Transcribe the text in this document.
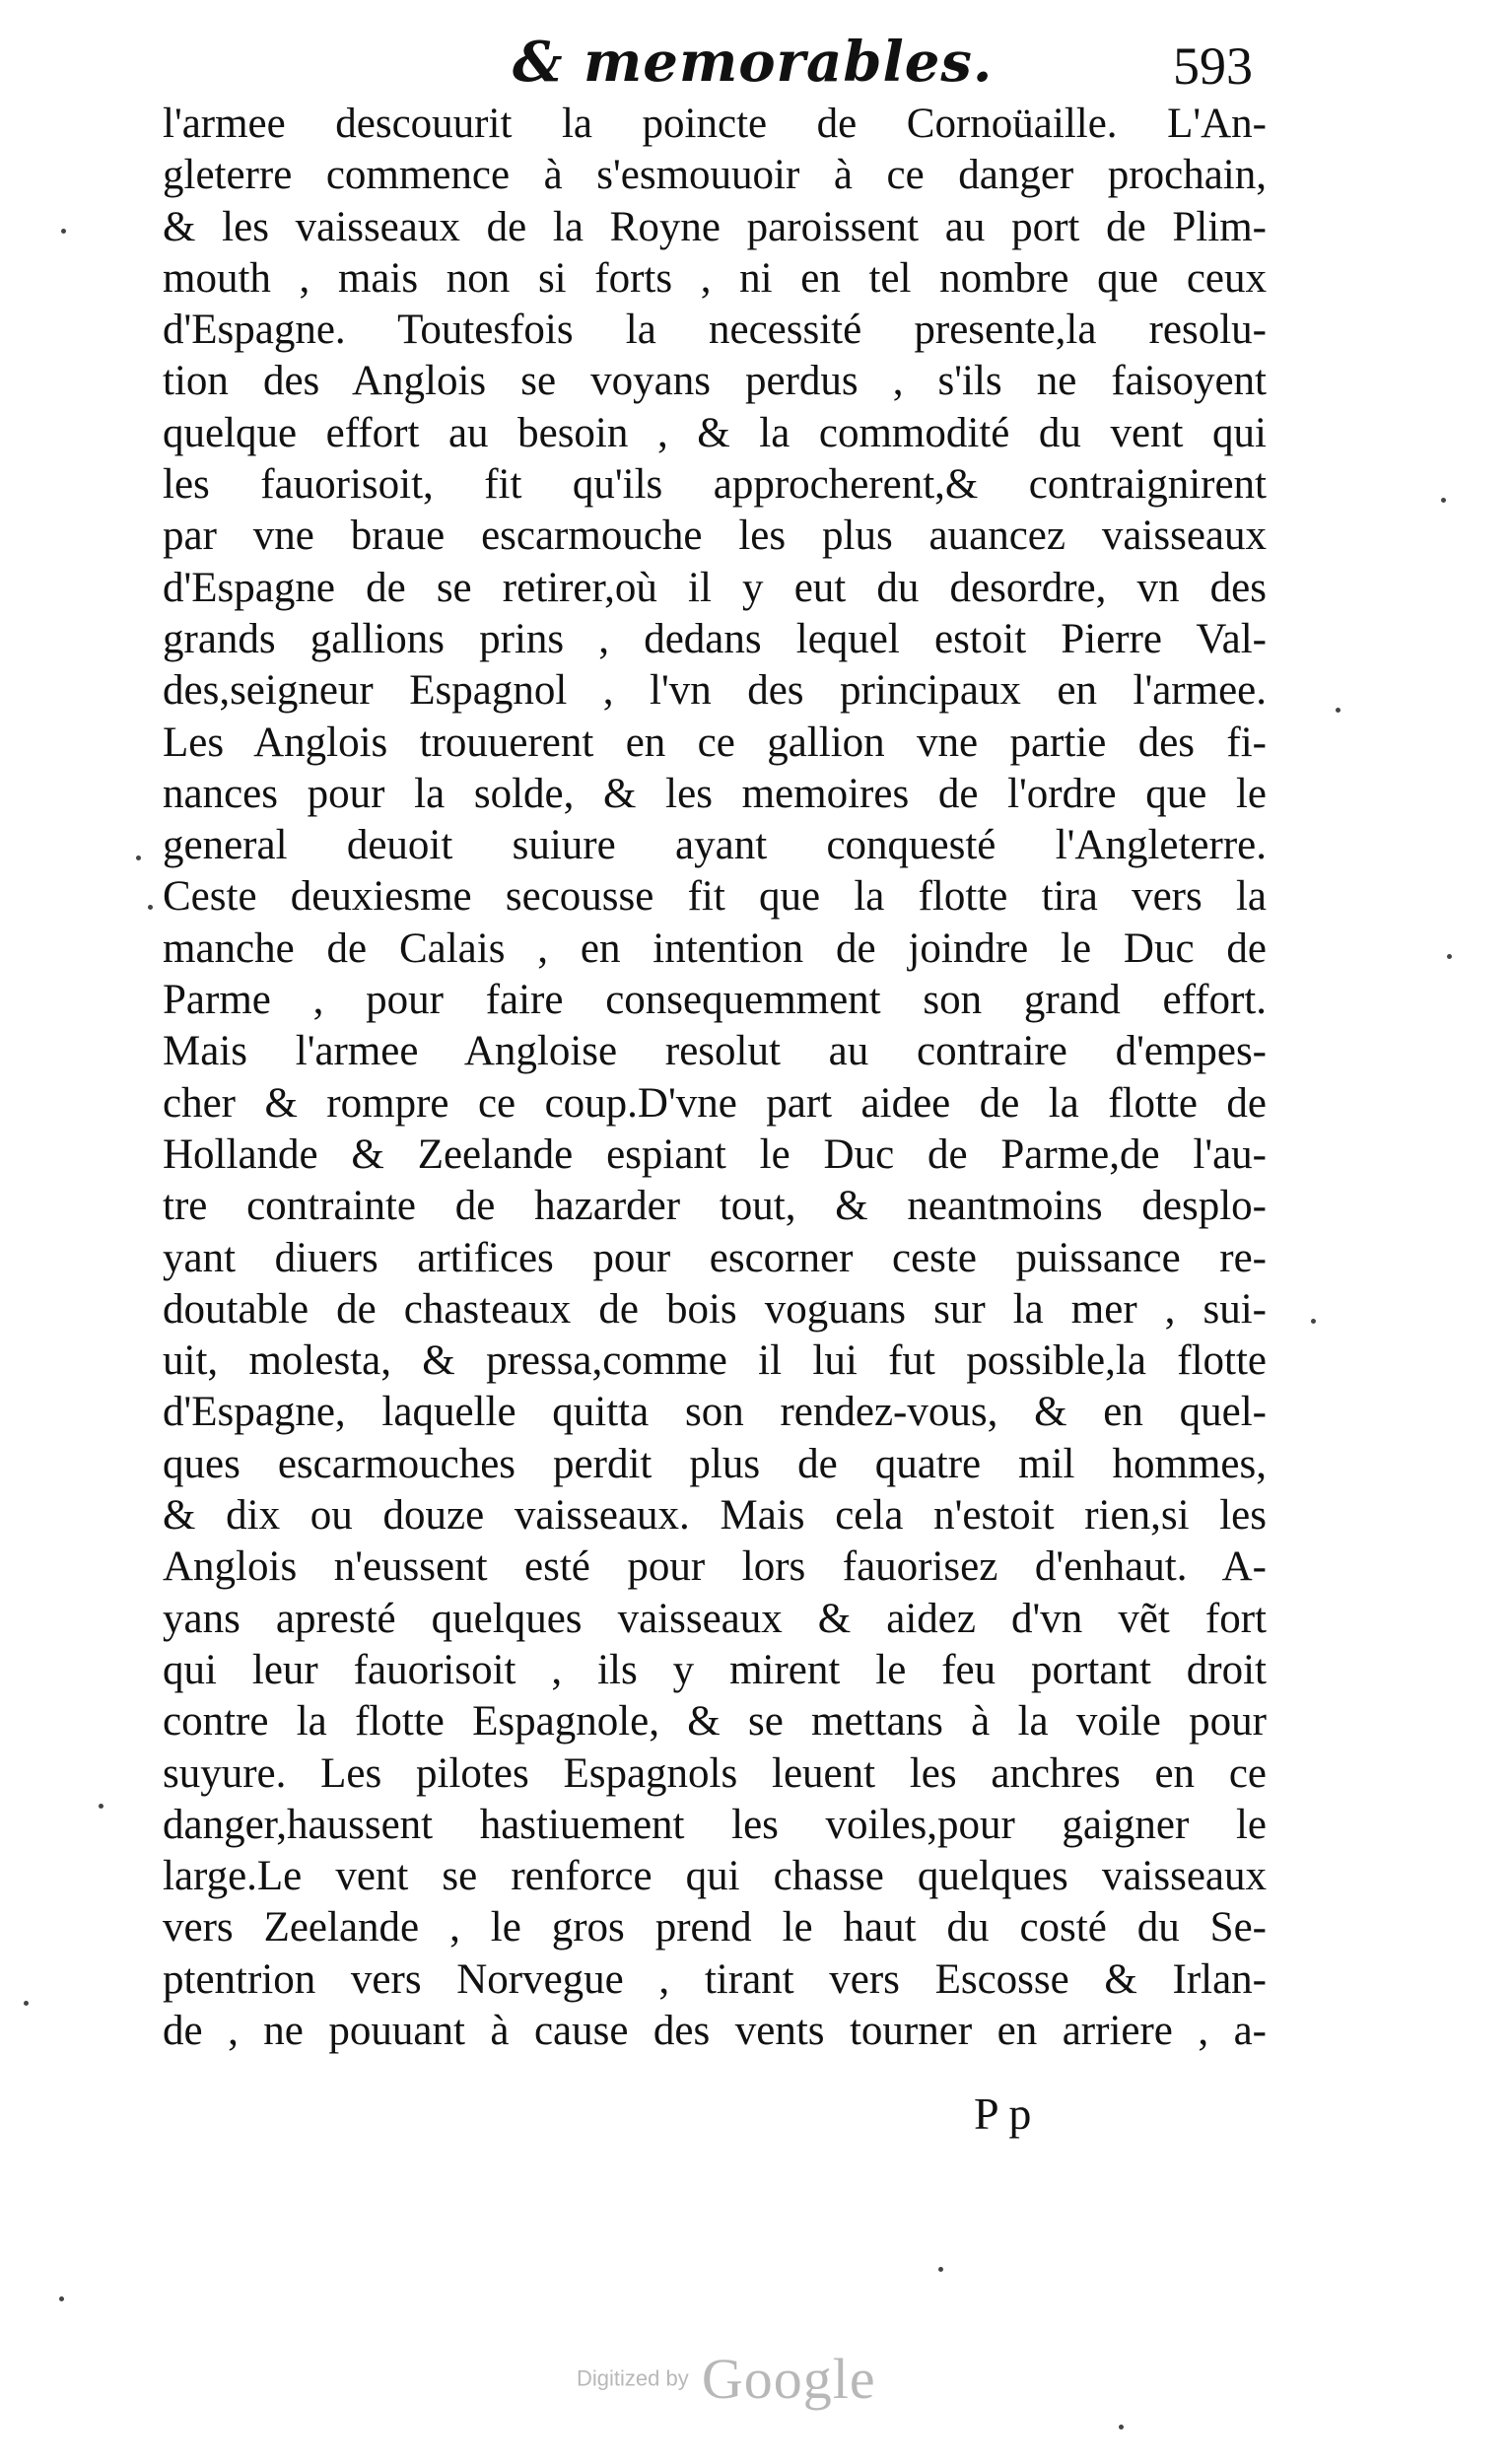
& memorables.	593
l'armee descouurit la poincte de Cornoüaille. L'An-
gleterre commence à s'esmouuoir à ce danger prochain,
& les vaisseaux de la Royne paroissent au port de Plim-
mouth , mais non si forts , ni en tel nombre que ceux
d'Espagne. Toutesfois la necessité presente,la resolu-
tion des Anglois se voyans perdus , s'ils ne faisoyent
quelque effort au besoin , & la commodité du vent qui
les fauorisoit, fit qu'ils approcherent,& contraignirent
par vne braue escarmouche les plus auancez vaisseaux
d'Espagne de se retirer,où il y eut du desordre, vn des
grands gallions prins , dedans lequel estoit Pierre Val-
des,seigneur Espagnol , l'vn des principaux en l'armee.
Les Anglois trouuerent en ce gallion vne partie des fi-
nances pour la solde, & les memoires de l'ordre que le
general deuoit suiure ayant conquesté l'Angleterre.
Ceste deuxiesme secousse fit que la flotte tira vers la
manche de Calais , en intention de joindre le Duc de
Parme , pour faire consequemment son grand effort.
Mais l'armee Angloise resolut au contraire d'empes-
cher & rompre ce coup.D'vne part aidee de la flotte de
Hollande & Zeelande espiant le Duc de Parme,de l'au-
tre contrainte de hazarder tout, & neantmoins desplo-
yant diuers artifices pour escorner ceste puissance re-
doutable de chasteaux de bois voguans sur la mer , sui-
uit, molesta, & pressa,comme il lui fut possible,la flotte
d'Espagne, laquelle quitta son rendez-vous, & en quel-
ques escarmouches perdit plus de quatre mil hommes,
& dix ou douze vaisseaux. Mais cela n'estoit rien,si les
Anglois n'eussent esté pour lors fauorisez d'enhaut. A-
yans apresté quelques vaisseaux & aidez d'vn vẽt fort
qui leur fauorisoit , ils y mirent le feu portant droit
contre la flotte Espagnole, & se mettans à la voile pour
suyure. Les pilotes Espagnols leuent les anchres en ce
danger,haussent hastiuement les voiles,pour gaigner le
large.Le vent se renforce qui chasse quelques vaisseaux
vers Zeelande , le gros prend le haut du costé du Se-
ptentrion vers Norvegue , tirant vers Escosse & Irlan-
de , ne pouuant à cause des vents tourner en arriere , a-
P p
Digitized by Google
